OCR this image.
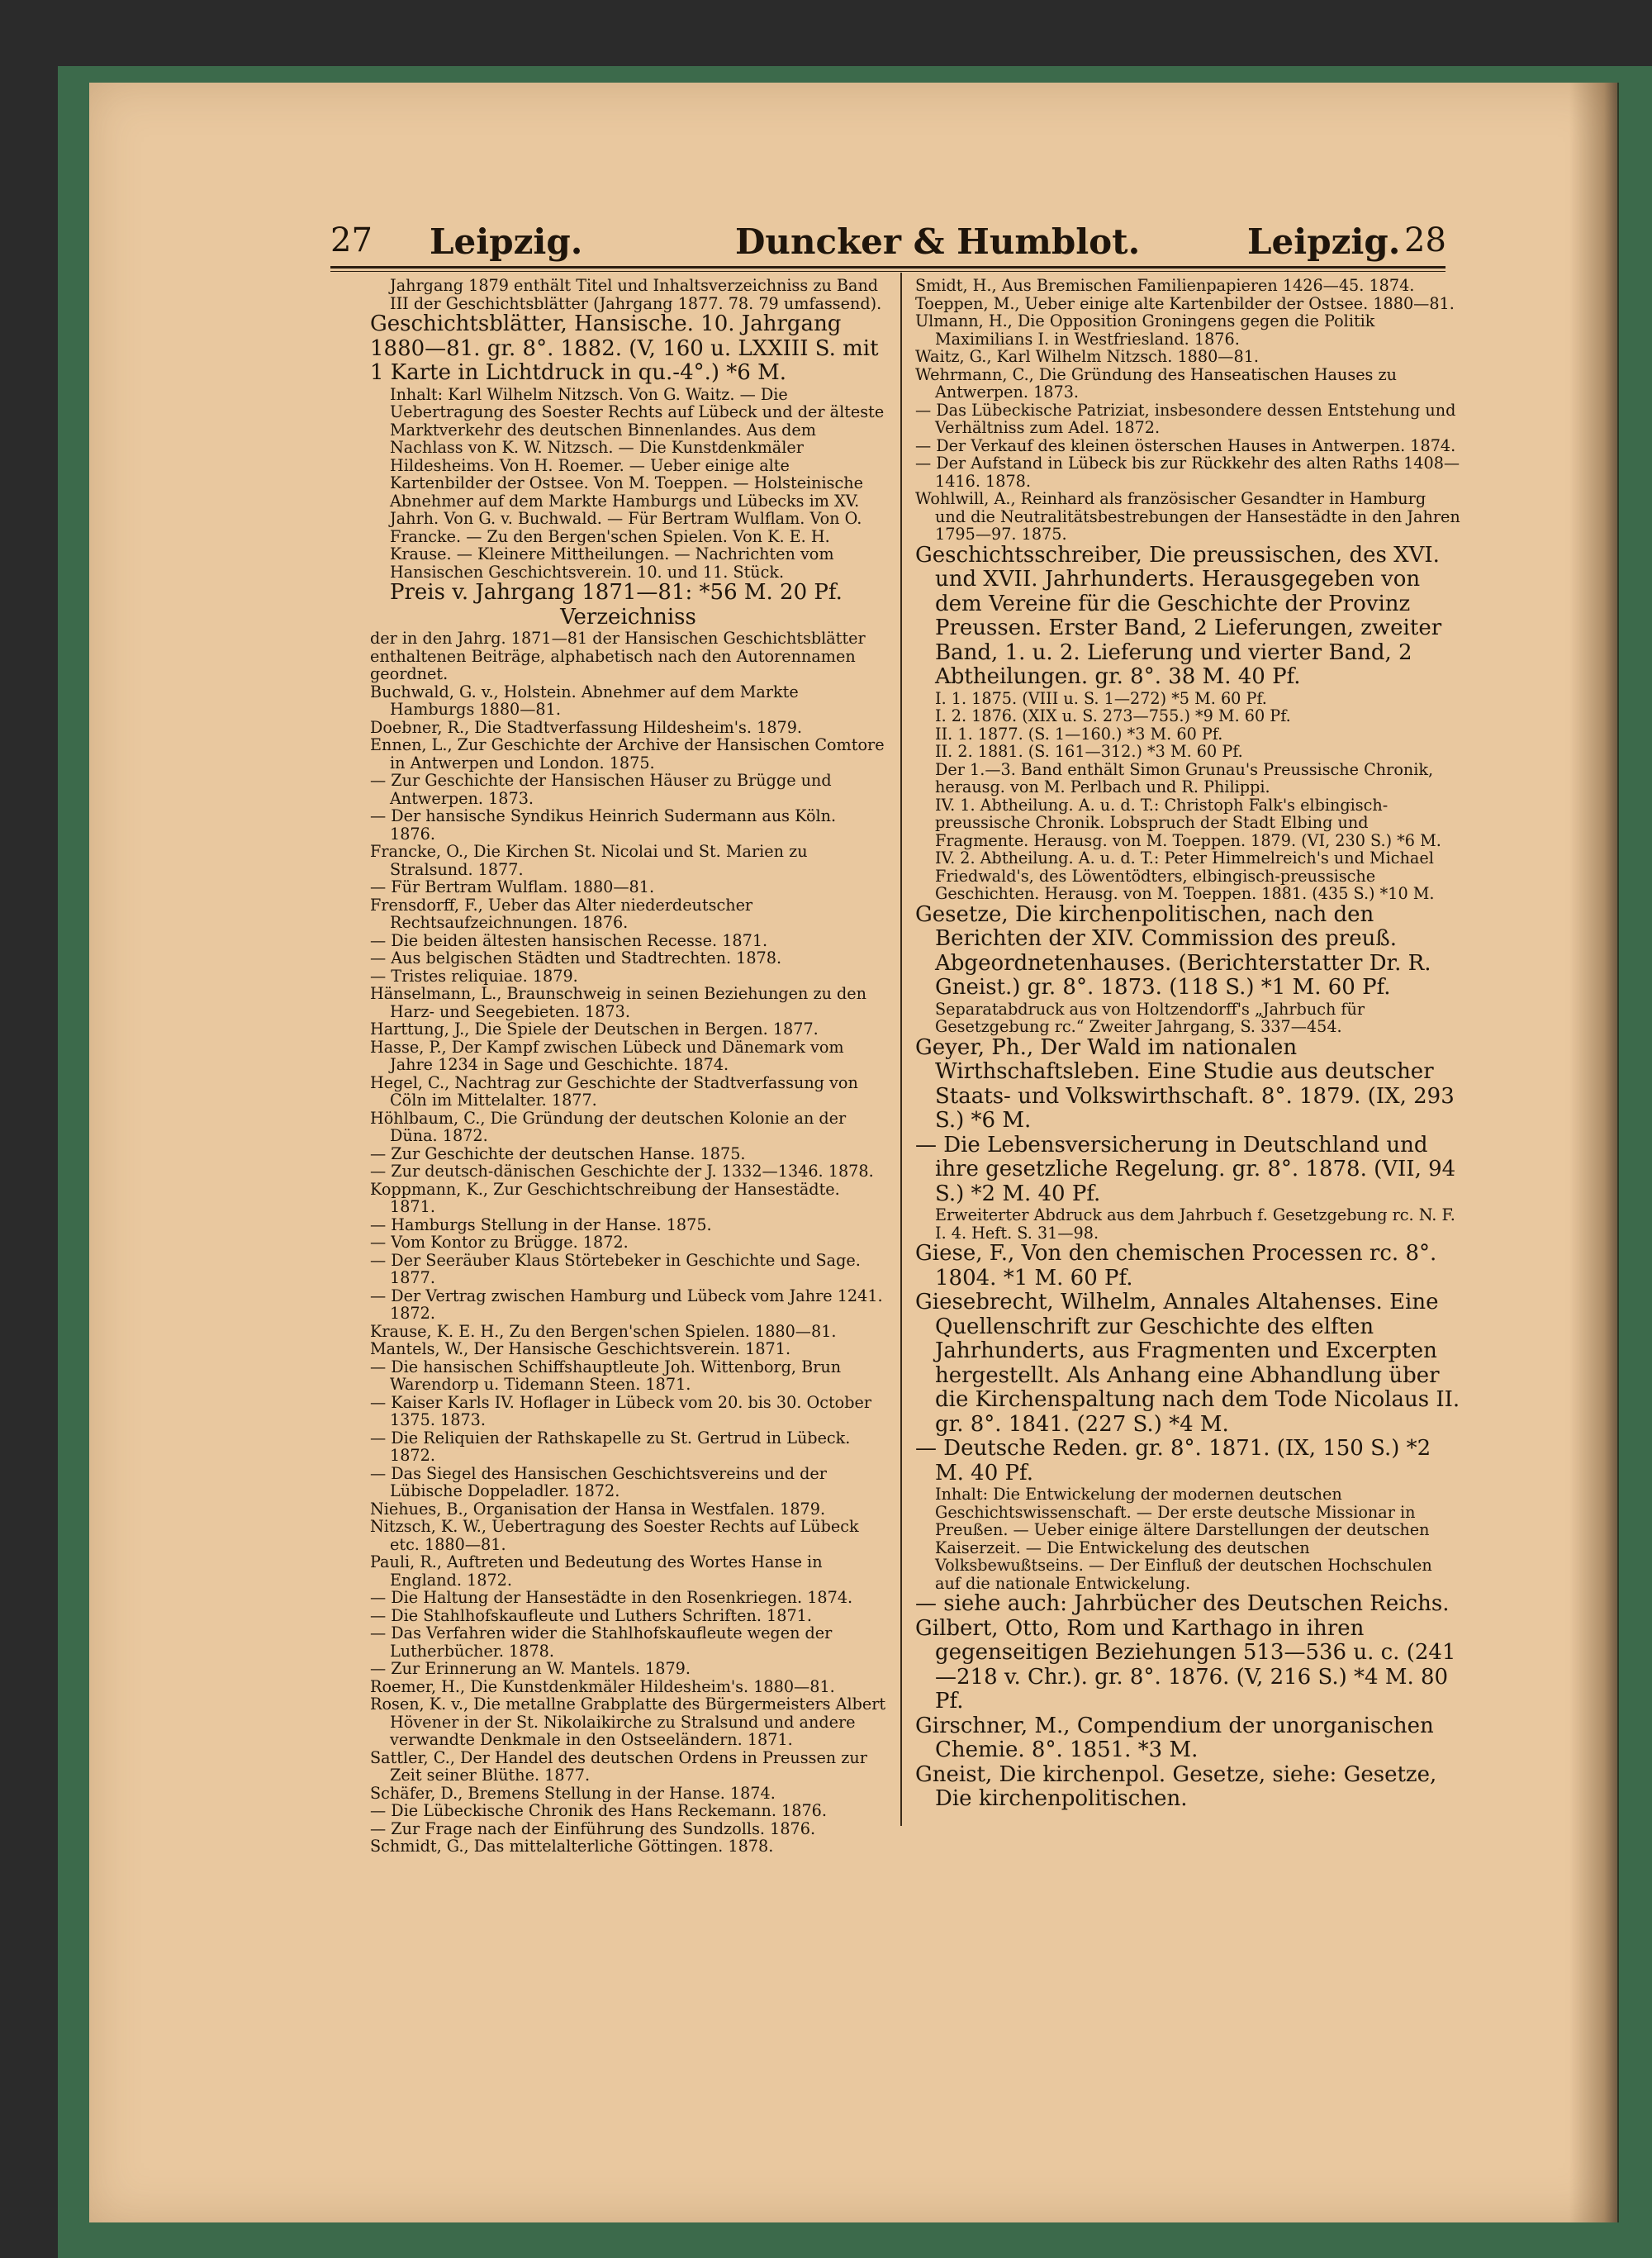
27 Leipzig.	Duncker & Humblot.	Leipzig. 28

Jahrgang 1879 enthält Titel und Inhaltsverzeichniss zu Band III der Geschichtsblätter (Jahrgang 1877. 78. 79 umfassend).

Geschichtsblätter, Hansische. 10. Jahrgang 1880—81. gr. 8°. 1882. (V, 160 u. LXXIII S. mit 1 Karte in Lichtdruck in qu.-4°.) *6 M.

Inhalt: Karl Wilhelm Nitzsch. Von G. Waitz. — Die Uebertragung des Soester Rechts auf Lübeck und der älteste Marktverkehr des deutschen Binnenlandes. Aus dem Nachlass von K. W. Nitzsch. — Die Kunstdenkmäler Hildesheims. Von H. Roemer. — Ueber einige alte Kartenbilder der Ostsee. Von M. Toeppen. — Holsteinische Abnehmer auf dem Markte Hamburgs und Lübecks im XV. Jahrh. Von G. v. Buchwald. — Für Bertram Wulflam. Von O. Francke. — Zu den Bergen'schen Spielen. Von K. E. H. Krause. — Kleinere Mittheilungen. — Nachrichten vom Hansischen Geschichtsverein. 10. und 11. Stück.

Preis v. Jahrgang 1871—81: *56 M. 20 Pf.

Verzeichniss

der in den Jahrg. 1871—81 der Hansischen Geschichtsblätter enthaltenen Beiträge, alphabetisch nach den Autorennamen geordnet.

Buchwald, G. v., Holstein. Abnehmer auf dem Markte Hamburgs 1880—81.

Doebner, R., Die Stadtverfassung Hildesheim's. 1879.

Ennen, L., Zur Geschichte der Archive der Hansischen Comtore in Antwerpen und London. 1875.

— Zur Geschichte der Hansischen Häuser zu Brügge und Antwerpen. 1873.

— Der hansische Syndikus Heinrich Sudermann aus Köln. 1876.

Francke, O., Die Kirchen St. Nicolai und St. Marien zu Stralsund. 1877.

— Für Bertram Wulflam. 1880—81.

Frensdorff, F., Ueber das Alter niederdeutscher Rechtsaufzeichnungen. 1876.

— Die beiden ältesten hansischen Recesse. 1871.

— Aus belgischen Städten und Stadtrechten. 1878.

— Tristes reliquiae. 1879.

Hänselmann, L., Braunschweig in seinen Beziehungen zu den Harz- und Seegebieten. 1873.

Harttung, J., Die Spiele der Deutschen in Bergen. 1877.

Hasse, P., Der Kampf zwischen Lübeck und Dänemark vom Jahre 1234 in Sage und Geschichte. 1874.

Hegel, C., Nachtrag zur Geschichte der Stadtverfassung von Cöln im Mittelalter. 1877.

Höhlbaum, C., Die Gründung der deutschen Kolonie an der Düna. 1872.

— Zur Geschichte der deutschen Hanse. 1875.

— Zur deutsch-dänischen Geschichte der J. 1332—1346. 1878.

Koppmann, K., Zur Geschichtschreibung der Hansestädte. 1871.

— Hamburgs Stellung in der Hanse. 1875.

— Vom Kontor zu Brügge. 1872.

— Der Seeräuber Klaus Störtebeker in Geschichte und Sage. 1877.

— Der Vertrag zwischen Hamburg und Lübeck vom Jahre 1241. 1872.

Krause, K. E. H., Zu den Bergen'schen Spielen. 1880—81.

Mantels, W., Der Hansische Geschichtsverein. 1871.

— Die hansischen Schiffshauptleute Joh. Wittenborg, Brun Warendorp u. Tidemann Steen. 1871.

— Kaiser Karls IV. Hoflager in Lübeck vom 20. bis 30. October 1375. 1873.

— Die Reliquien der Rathskapelle zu St. Gertrud in Lübeck. 1872.

— Das Siegel des Hansischen Geschichtsvereins und der Lübische Doppeladler. 1872.

Niehues, B., Organisation der Hansa in Westfalen. 1879.

Nitzsch, K. W., Uebertragung des Soester Rechts auf Lübeck etc. 1880—81.

Pauli, R., Auftreten und Bedeutung des Wortes Hanse in England. 1872.

— Die Haltung der Hansestädte in den Rosenkriegen. 1874.

— Die Stahlhofskaufleute und Luthers Schriften. 1871.

— Das Verfahren wider die Stahlhofskaufleute wegen der Lutherbücher. 1878.

— Zur Erinnerung an W. Mantels. 1879.

Roemer, H., Die Kunstdenkmäler Hildesheim's. 1880—81.

Rosen, K. v., Die metallne Grabplatte des Bürgermeisters Albert Hövener in der St. Nikolaikirche zu Stralsund und andere verwandte Denkmale in den Ostseeländern. 1871.

Sattler, C., Der Handel des deutschen Ordens in Preussen zur Zeit seiner Blüthe. 1877.

Schäfer, D., Bremens Stellung in der Hanse. 1874.

— Die Lübeckische Chronik des Hans Reckemann. 1876.

— Zur Frage nach der Einführung des Sundzolls. 1876.

Schmidt, G., Das mittelalterliche Göttingen. 1878.

Smidt, H., Aus Bremischen Familienpapieren 1426—45. 1874.

Toeppen, M., Ueber einige alte Kartenbilder der Ostsee. 1880—81.

Ulmann, H., Die Opposition Groningens gegen die Politik Maximilians I. in Westfriesland. 1876.

Waitz, G., Karl Wilhelm Nitzsch. 1880—81.

Wehrmann, C., Die Gründung des Hanseatischen Hauses zu Antwerpen. 1873.

— Das Lübeckische Patriziat, insbesondere dessen Entstehung und Verhältniss zum Adel. 1872.

— Der Verkauf des kleinen österschen Hauses in Antwerpen. 1874.

— Der Aufstand in Lübeck bis zur Rückkehr des alten Raths 1408—1416. 1878.

Wohlwill, A., Reinhard als französischer Gesandter in Hamburg und die Neutralitätsbestrebungen der Hansestädte in den Jahren 1795—97. 1875.

Geschichtsschreiber, Die preussischen, des XVI. und XVII. Jahrhunderts. Herausgegeben von dem Vereine für die Geschichte der Provinz Preussen. Erster Band, 2 Lieferungen, zweiter Band, 1. u. 2. Lieferung und vierter Band, 2 Abtheilungen. gr. 8°. 38 M. 40 Pf.

I. 1. 1875. (VIII u. S. 1—272) *5 M. 60 Pf.

I. 2. 1876. (XIX u. S. 273—755.) *9 M. 60 Pf.

II. 1. 1877. (S. 1—160.) *3 M. 60 Pf.

II. 2. 1881. (S. 161—312.) *3 M. 60 Pf.

Der 1.—3. Band enthält Simon Grunau's Preussische Chronik, herausg. von M. Perlbach und R. Philippi.

IV. 1. Abtheilung. A. u. d. T.: Christoph Falk's elbingisch-preussische Chronik. Lobspruch der Stadt Elbing und Fragmente. Herausg. von M. Toeppen. 1879. (VI, 230 S.) *6 M.

IV. 2. Abtheilung. A. u. d. T.: Peter Himmelreich's und Michael Friedwald's, des Löwentödters, elbingisch-preussische Geschichten. Herausg. von M. Toeppen. 1881. (435 S.) *10 M.

Gesetze, Die kirchenpolitischen, nach den Berichten der XIV. Commission des preuß. Abgeordnetenhauses. (Berichterstatter Dr. R. Gneist.) gr. 8°. 1873. (118 S.) *1 M. 60 Pf.

Separatabdruck aus von Holtzendorff's „Jahrbuch für Gesetzgebung rc.“ Zweiter Jahrgang, S. 337—454.

Geyer, Ph., Der Wald im nationalen Wirthschaftsleben. Eine Studie aus deutscher Staats- und Volkswirthschaft. 8°. 1879. (IX, 293 S.) *6 M.

— Die Lebensversicherung in Deutschland und ihre gesetzliche Regelung. gr. 8°. 1878. (VII, 94 S.) *2 M. 40 Pf.

Erweiterter Abdruck aus dem Jahrbuch f. Gesetzgebung rc. N. F. I. 4. Heft. S. 31—98.

Giese, F., Von den chemischen Processen rc. 8°. 1804. *1 M. 60 Pf.

Giesebrecht, Wilhelm, Annales Altahenses. Eine Quellenschrift zur Geschichte des elften Jahrhunderts, aus Fragmenten und Excerpten hergestellt. Als Anhang eine Abhandlung über die Kirchenspaltung nach dem Tode Nicolaus II. gr. 8°. 1841. (227 S.) *4 M.

— Deutsche Reden. gr. 8°. 1871. (IX, 150 S.) *2 M. 40 Pf.

Inhalt: Die Entwickelung der modernen deutschen Geschichtswissenschaft. — Der erste deutsche Missionar in Preußen. — Ueber einige ältere Darstellungen der deutschen Kaiserzeit. — Die Entwickelung des deutschen Volksbewußtseins. — Der Einfluß der deutschen Hochschulen auf die nationale Entwickelung.

— siehe auch: Jahrbücher des Deutschen Reichs.

Gilbert, Otto, Rom und Karthago in ihren gegenseitigen Beziehungen 513—536 u. c. (241 —218 v. Chr.). gr. 8°. 1876. (V, 216 S.) *4 M. 80 Pf.

Girschner, M., Compendium der unorganischen Chemie. 8°. 1851. *3 M.

Gneist, Die kirchenpol. Gesetze, siehe: Gesetze, Die kirchenpolitischen.
